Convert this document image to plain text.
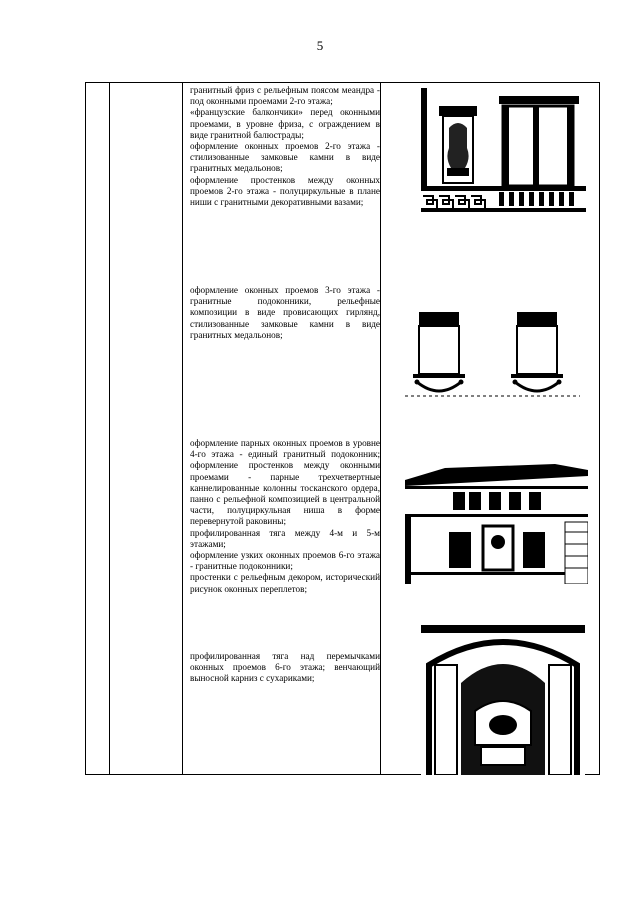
5

гранитный фриз с рельефным поясом меандра - под оконными проемами 2-го этажа;

«французские балкончики» перед оконными проемами, в уровне фриза, с ограждением в виде гранитной балюстрады;

оформление оконных проемов 2-го этажа - стилизованные замковые камни в виде гранитных медальонов;

оформление простенков между оконных проемов 2-го этажа - полуциркульные в плане ниши с гранитными декоративными вазами;

оформление оконных проемов 3-го этажа - гранитные подоконники, рельефные композиции в виде провисающих гирлянд, стилизованные замковые камни в виде гранитных медальонов;

оформление парных оконных проемов в уровне 4-го этажа - единый гранитный подоконник; оформление простенков между оконными проемами - парные трехчетвертные каннелированные колонны тосканского ордера, панно с рельефной композицией в центральной части, полуциркульная ниша в форме перевернутой раковины;

профилированная тяга между 4-м и 5-м этажами;

оформление узких оконных проемов 6-го этажа - гранитные подоконники;

простенки с рельефным декором, исторический рисунок оконных переплетов;

профилированная тяга над перемычками оконных проемов 6-го этажа; венчающий выносной карниз с сухариками;
